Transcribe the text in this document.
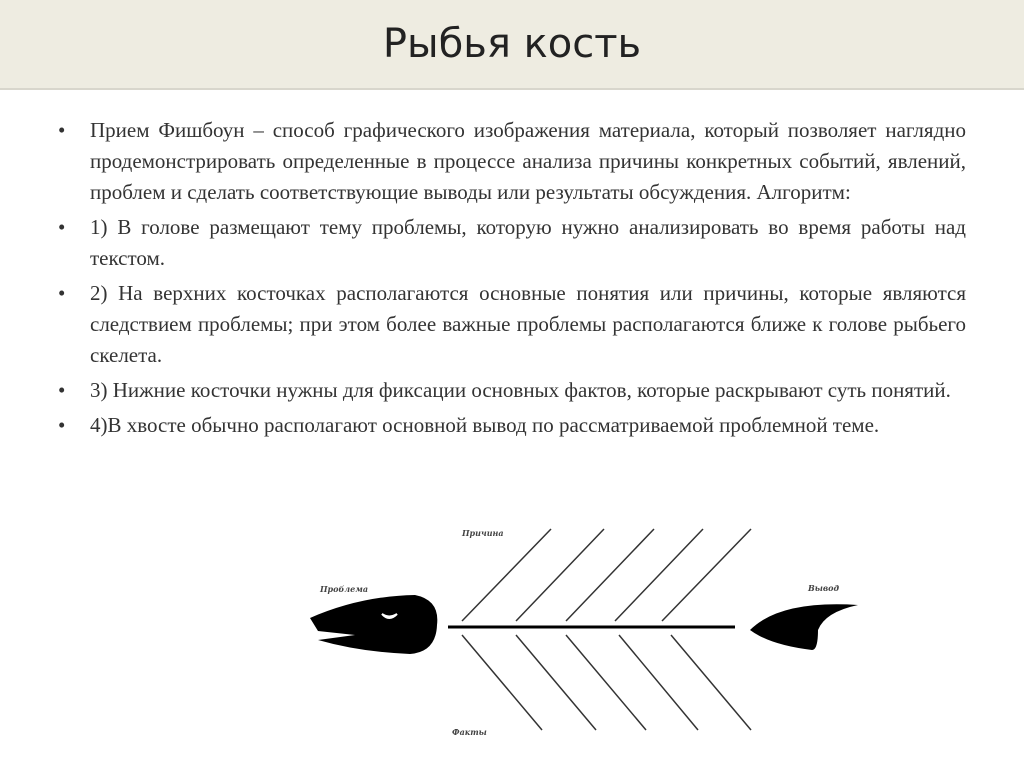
Рыбья кость
• Прием Фишбоун – способ графического изображения материала, который позволяет наглядно продемонстрировать определенные в процессе анализа причины конкретных событий, явлений, проблем и сделать соответствующие выводы или результаты обсуждения. Алгоритм:
• 1) В голове размещают тему проблемы, которую нужно анализировать во время работы над текстом.
• 2) На верхних косточках располагаются основные понятия или причины, которые являются следствием проблемы; при этом более важные проблемы располагаются ближе к голове рыбьего скелета.
• 3) Нижние косточки нужны для фиксации основных фактов, которые раскрывают суть понятий.
• 4)В хвосте обычно располагают основной вывод по рассматриваемой проблемной теме.
Проблема
Причина
Факты
Вывод
